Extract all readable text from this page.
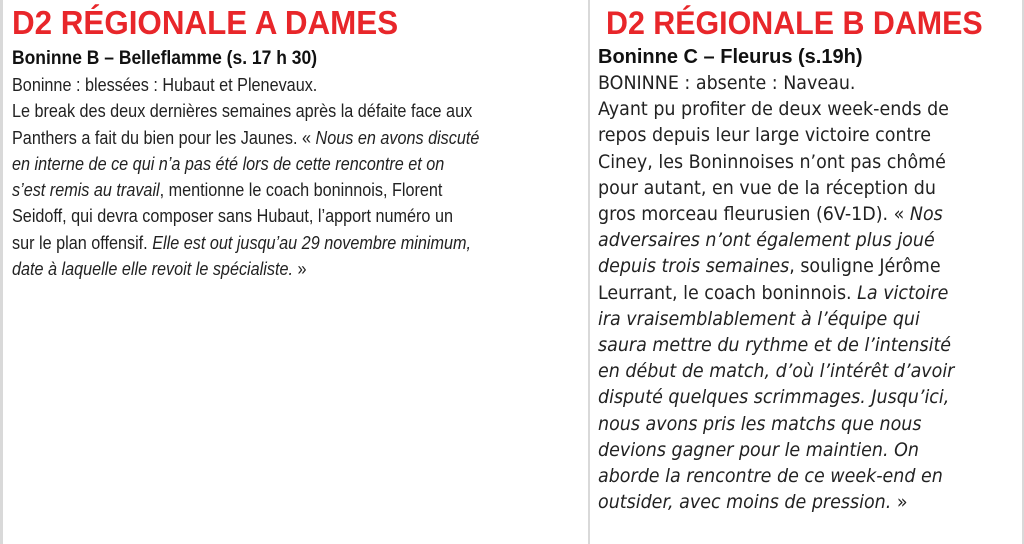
D2 RÉGIONALE A DAMES
Boninne B – Belleflamme (s. 17 h 30)
Boninne : blessées : Hubaut et Plenevaux.
Le break des deux dernières semaines après la défaite face aux
Panthers a fait du bien pour les Jaunes. « Nous en avons discuté
en interne de ce qui n’a pas été lors de cette rencontre et on
s’est remis au travail, mentionne le coach boninnois, Florent
Seidoff, qui devra composer sans Hubaut, l’apport numéro un
sur le plan offensif. Elle est out jusqu’au 29 novembre minimum,
date à laquelle elle revoit le spécialiste. »
D2 RÉGIONALE B DAMES
Boninne C – Fleurus (s.19h)
BONINNE : absente : Naveau.
Ayant pu profiter de deux week-ends de
repos depuis leur large victoire contre
Ciney, les Boninnoises n’ont pas chômé
pour autant, en vue de la réception du
gros morceau fleurusien (6V-1D). « Nos
adversaires n’ont également plus joué
depuis trois semaines, souligne Jérôme
Leurrant, le coach boninnois. La victoire
ira vraisemblablement à l’équipe qui
saura mettre du rythme et de l’intensité
en début de match, d’où l’intérêt d’avoir
disputé quelques scrimmages. Jusqu’ici,
nous avons pris les matchs que nous
devions gagner pour le maintien. On
aborde la rencontre de ce week-end en
outsider, avec moins de pression. »
